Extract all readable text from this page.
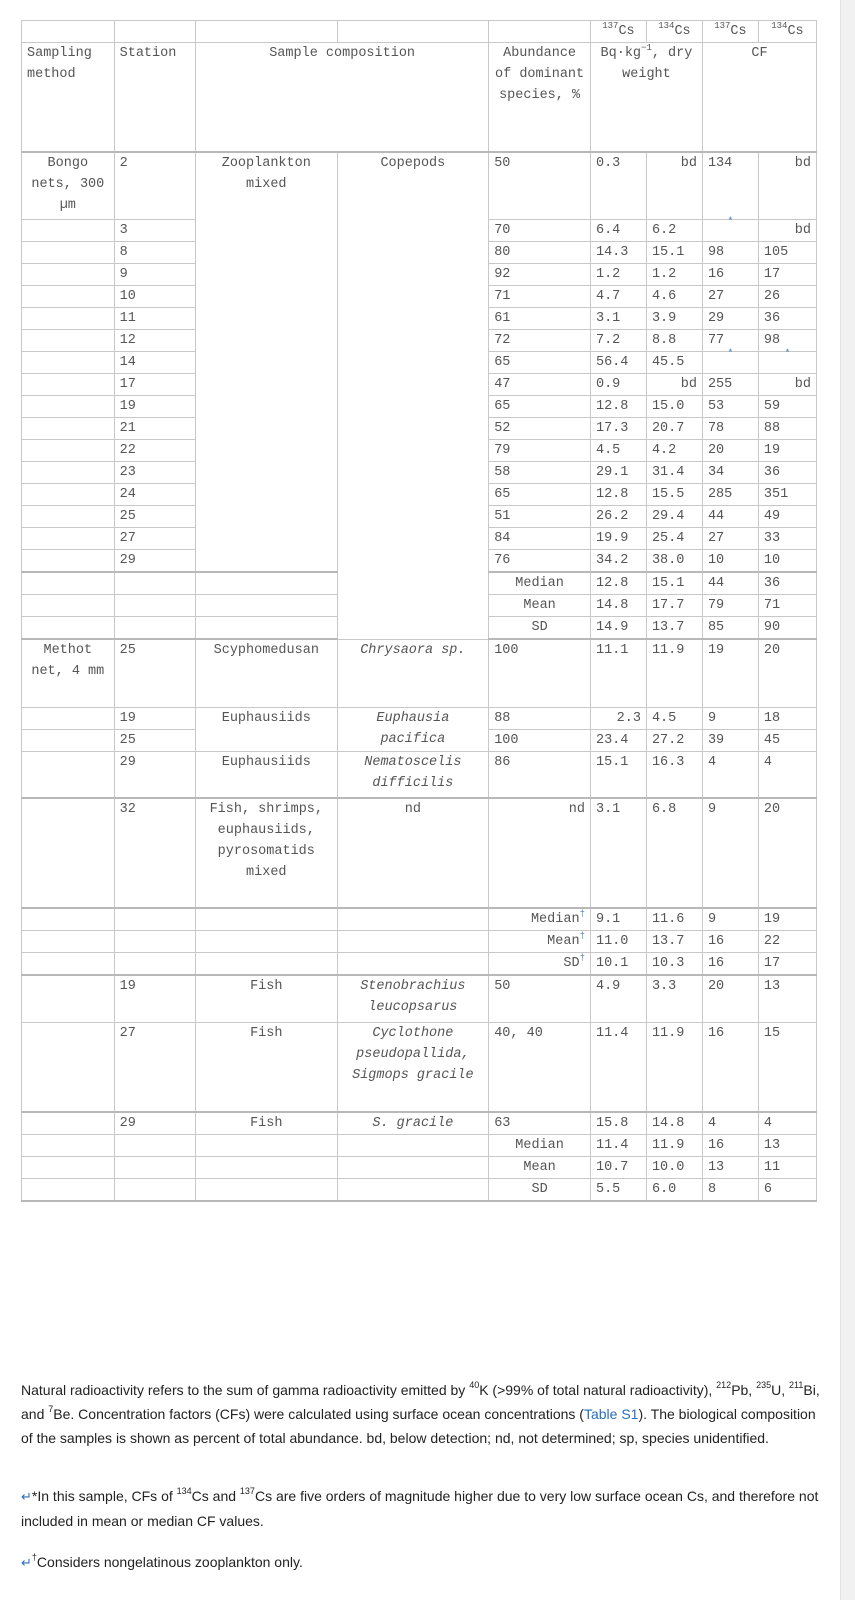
					$^{137}$Cs	$^{134}$Cs	$^{137}$Cs	$^{134}$Cs
Sampling method	Station	Sample composition		Abundance of dominant species, %	$Bq\cdot kg^{-1}$, dry weight		CF	
Bongo nets, 300 µm	2	Zooplankton mixed	Copepods	50	0.3	bd	134	bd
	3			70	6.4	6.2	*	bd
	8			80	14.3	15.1	98	105
	9			92	1.2	1.2	16	17
	10			71	4.7	4.6	27	26
	11			61	3.1	3.9	29	36
	12			72	7.2	8.8	77	98
	14			65	56.4	45.5	*	*

	17			47	0.9	bd	255	bd
	19			65	12.8	15.0	53	59
	21			52	17.3	20.7	78	88
	22			79	4.5	4.2	20	19
	23			58	29.1	31.4	34	36
	24			65	12.8	15.5	285	351
	25			51	26.2	29.4	44	49
	27			84	19.9	25.4	27	33
	29			76	34.2	38.0	10	10
				Median	12.8	15.1	44	36
				Mean	14.8	17.7	79	71
				SD	14.9	13.7	85	90
Methot net, 4 mm	25	Scyphomedusan	Chrysaora sp.	100	11.1	11.9	19	20
	19	Euphausiids	Euphausia pacifica	88	2.3	4.5	9	18
	25			100	23.4	27.2	39	45
	29	Euphausiids	Nematoscelis difficilis	86	15.1	16.3	4	4
	32	Fish, shrimps, euphausiids, pyrosomatids mixed	nd	nd	3.1	6.8	9	20
				Median†	9.1	11.6	9	19
				Mean†	11.0	13.7	16	22
				SD†	10.1	10.3	16	17
	19	Fish	Stenobrachius leucopsarus	50	4.9	3.3	20	13
	27	Fish	Cyclothone pseudopallida, Sigmops gracile	40, 40	11.4	11.9	16	15
	29	Fish	S. gracile	63	15.8	14.8	4	4
				Median	11.4	11.9	16	13
				Mean	10.7	10.0	13	11
				SD	5.5	6.0	8	6

Natural radioactivity refers to the sum of gamma radioactivity emitted by $^{40}$K (>99% of total natural radioactivity), $^{212}$Pb, $^{235}$U, $^{211}$Bi, and $^7$Be. Concentration factors (CFs) were calculated using surface ocean concentrations (Table S1). The biological composition of the samples is shown as percent of total abundance. bd, below detection; nd, not determined; sp, species unidentified.

↵*In this sample, CFs of $^{134}$Cs and $^{137}$Cs are five orders of magnitude higher due to very low surface ocean Cs, and therefore not included in mean or median CF values.

↵†Considers nongelatinous zooplankton only.
